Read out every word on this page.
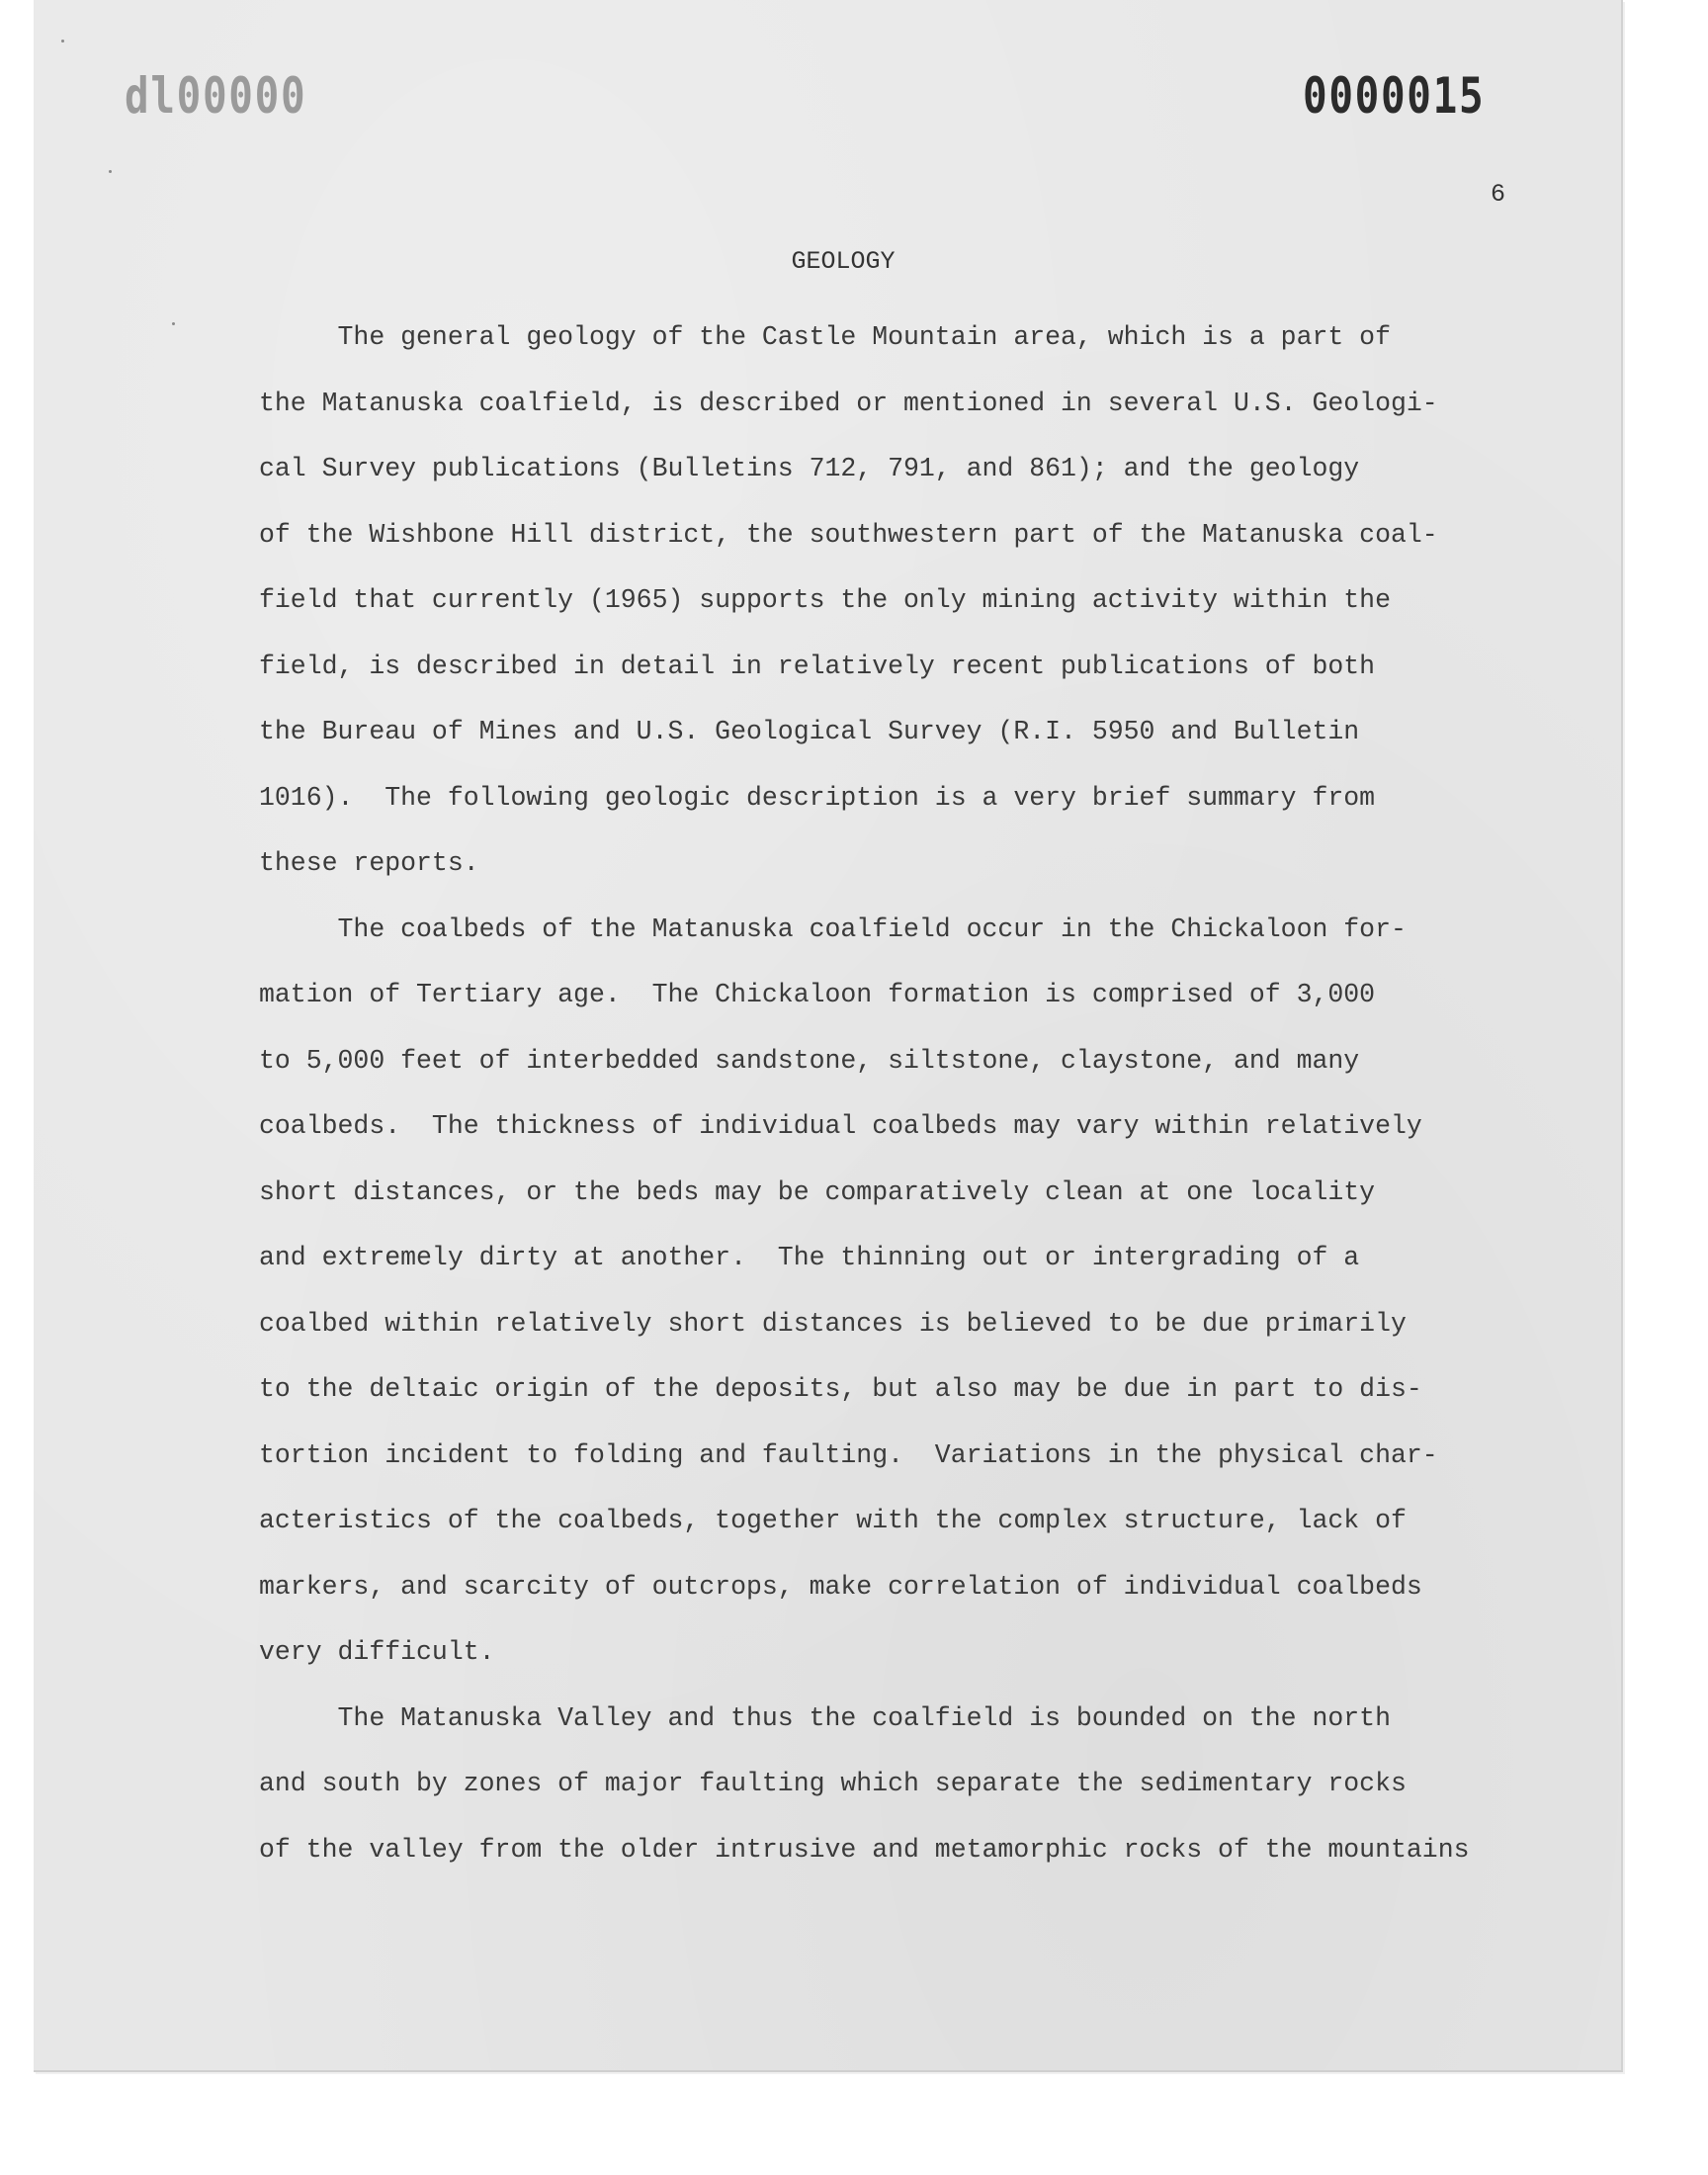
dl00000	0000015
6
GEOLOGY
The general geology of the Castle Mountain area, which is a part of
the Matanuska coalfield, is described or mentioned in several U.S. Geologi-
cal Survey publications (Bulletins 712, 791, and 861); and the geology
of the Wishbone Hill district, the southwestern part of the Matanuska coal-
field that currently (1965) supports the only mining activity within the
field, is described in detail in relatively recent publications of both
the Bureau of Mines and U.S. Geological Survey (R.I. 5950 and Bulletin
1016).  The following geologic description is a very brief summary from
these reports.
The coalbeds of the Matanuska coalfield occur in the Chickaloon for-
mation of Tertiary age.  The Chickaloon formation is comprised of 3,000
to 5,000 feet of interbedded sandstone, siltstone, claystone, and many
coalbeds.  The thickness of individual coalbeds may vary within relatively
short distances, or the beds may be comparatively clean at one locality
and extremely dirty at another.  The thinning out or intergrading of a
coalbed within relatively short distances is believed to be due primarily
to the deltaic origin of the deposits, but also may be due in part to dis-
tortion incident to folding and faulting.  Variations in the physical char-
acteristics of the coalbeds, together with the complex structure, lack of
markers, and scarcity of outcrops, make correlation of individual coalbeds
very difficult.
The Matanuska Valley and thus the coalfield is bounded on the north
and south by zones of major faulting which separate the sedimentary rocks
of the valley from the older intrusive and metamorphic rocks of the mountains
